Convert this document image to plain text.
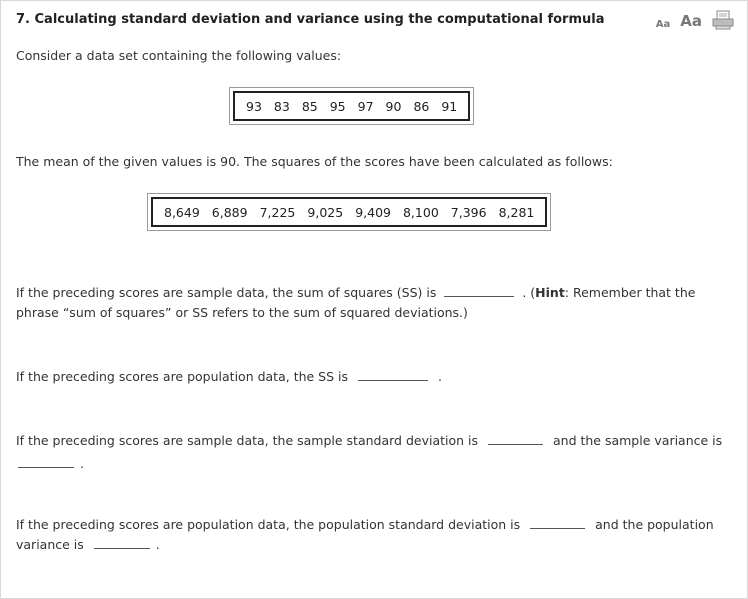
7. Calculating standard deviation and variance using the computational formula	Aa Aa
Consider a data set containing the following values:
93 83 85 95 97 90 86 91
The mean of the given values is 90. The squares of the scores have been calculated as follows:
8,649 6,889 7,225 9,025 9,409 8,100 7,396 8,281
If the preceding scores are sample data, the sum of squares (SS) is	. (Hint: Remember that the phrase “sum of squares” or SS refers to the sum of squared deviations.)
If the preceding scores are population data, the SS is	.
If the preceding scores are sample data, the sample standard deviation is	and the sample variance is
.
If the preceding scores are population data, the population standard deviation is	and the population variance is	.
